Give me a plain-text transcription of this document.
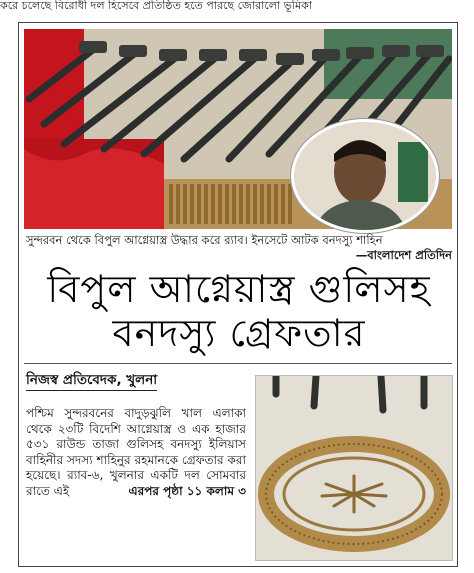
করে চলেছে বিরোধী দল হিসেবে প্রতিষ্ঠিত হতে পারছে জোরালো ভূমিকা
সুন্দরবন থেকে বিপুল আগ্নেয়াস্ত্র উদ্ধার করে র‍্যাব। ইনসেটে আটক বনদস্যু শাহিন
—বাংলাদেশ প্রতিদিন
বিপুল আগ্নেয়াস্ত্র গুলিসহ
বনদস্যু গ্রেফতার
নিজস্ব প্রতিবেদক, খুলনা
পশ্চিম সুন্দরবনের বাদুড়ঝুলি খাল এলাকা থেকে ২৩টি বিদেশি আগ্নেয়াস্ত্র ও এক হাজার ৫৩১ রাউন্ড তাজা গুলিসহ বনদস্যু ইলিয়াস বাহিনীর সদস্য শাহিনুর রহমানকে গ্রেফতার করা হয়েছে। র‍্যাব-৬, খুলনার একটি দল সোমবার রাতে এই	এরপর পৃষ্ঠা ১১ কলাম ৩
